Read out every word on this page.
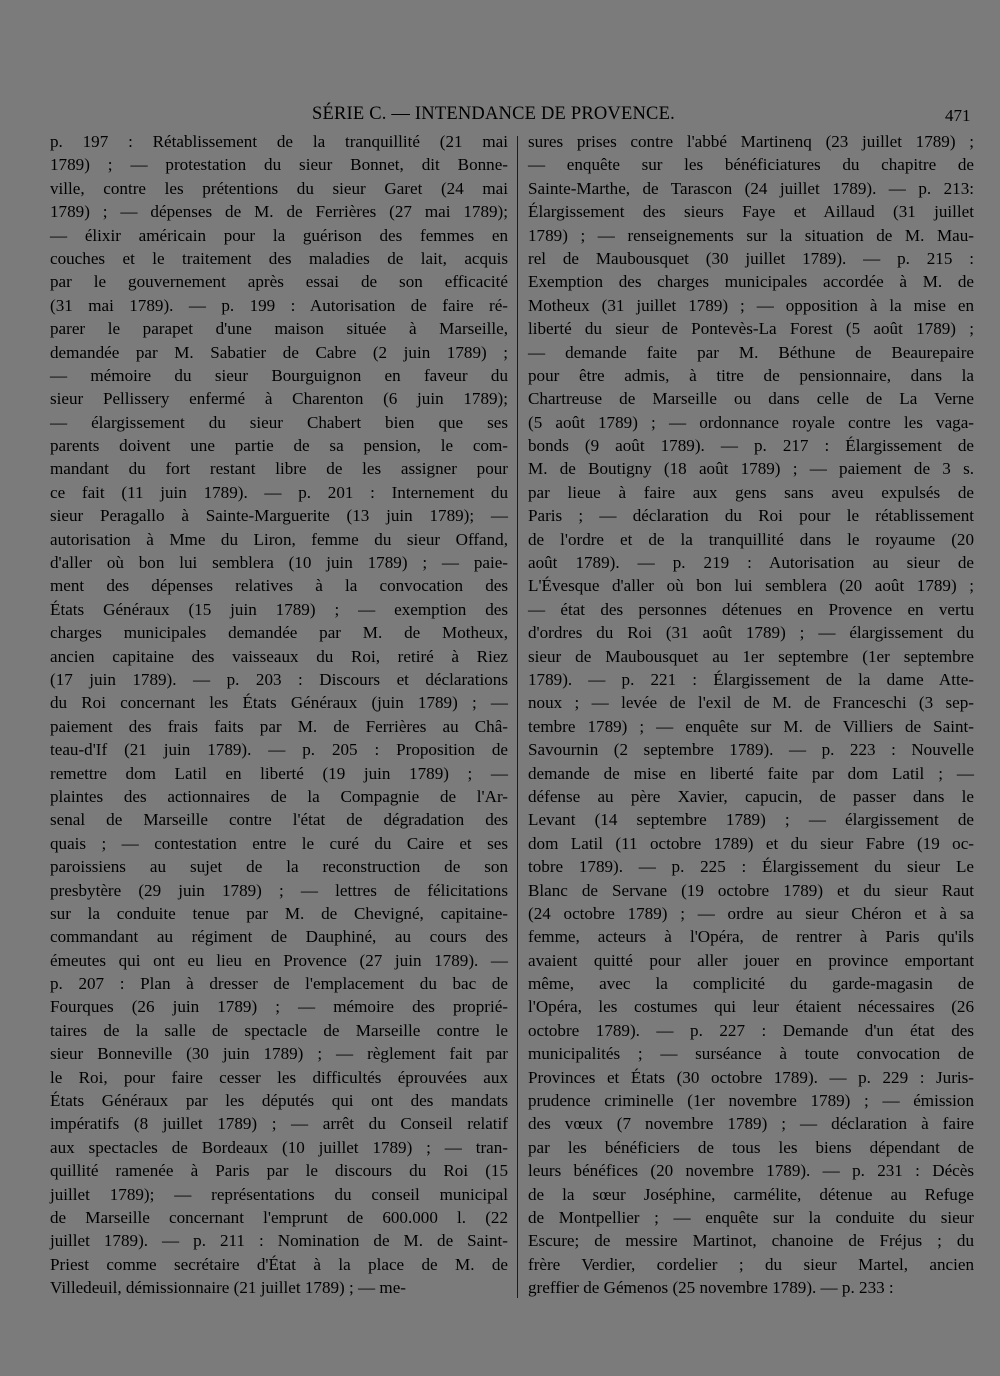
SÉRIE C. — INTENDANCE DE PROVENCE.	471
p. 197 : Rétablissement de la tranquillité (21 mai
1789) ; — protestation du sieur Bonnet, dit Bonne-
ville, contre les prétentions du sieur Garet (24 mai
1789) ; — dépenses de M. de Ferrières (27 mai 1789);
— élixir américain pour la guérison des femmes en
couches et le traitement des maladies de lait, acquis
par le gouvernement après essai de son efficacité
(31 mai 1789). — p. 199 : Autorisation de faire ré-
parer le parapet d'une maison située à Marseille,
demandée par M. Sabatier de Cabre (2 juin 1789) ;
— mémoire du sieur Bourguignon en faveur du
sieur Pellissery enfermé à Charenton (6 juin 1789);
— élargissement du sieur Chabert bien que ses
parents doivent une partie de sa pension, le com-
mandant du fort restant libre de les assigner pour
ce fait (11 juin 1789). — p. 201 : Internement du
sieur Peragallo à Sainte-Marguerite (13 juin 1789); —
autorisation à Mme du Liron, femme du sieur Offand,
d'aller où bon lui semblera (10 juin 1789) ; — paie-
ment des dépenses relatives à la convocation des
États Généraux (15 juin 1789) ; — exemption des
charges municipales demandée par M. de Motheux,
ancien capitaine des vaisseaux du Roi, retiré à Riez
(17 juin 1789). — p. 203 : Discours et déclarations
du Roi concernant les États Généraux (juin 1789) ; —
paiement des frais faits par M. de Ferrières au Châ-
teau-d'If (21 juin 1789). — p. 205 : Proposition de
remettre dom Latil en liberté (19 juin 1789) ; —
plaintes des actionnaires de la Compagnie de l'Ar-
senal de Marseille contre l'état de dégradation des
quais ; — contestation entre le curé du Caire et ses
paroissiens au sujet de la reconstruction de son
presbytère (29 juin 1789) ; — lettres de félicitations
sur la conduite tenue par M. de Chevigné, capitaine-
commandant au régiment de Dauphiné, au cours des
émeutes qui ont eu lieu en Provence (27 juin 1789). —
p. 207 : Plan à dresser de l'emplacement du bac de
Fourques (26 juin 1789) ; — mémoire des proprié-
taires de la salle de spectacle de Marseille contre le
sieur Bonneville (30 juin 1789) ; — règlement fait par
le Roi, pour faire cesser les difficultés éprouvées aux
États Généraux par les députés qui ont des mandats
impératifs (8 juillet 1789) ; — arrêt du Conseil relatif
aux spectacles de Bordeaux (10 juillet 1789) ; — tran-
quillité ramenée à Paris par le discours du Roi (15
juillet 1789); — représentations du conseil municipal
de Marseille concernant l'emprunt de 600.000 l. (22
juillet 1789). — p. 211 : Nomination de M. de Saint-
Priest comme secrétaire d'État à la place de M. de
Villedeuil, démissionnaire (21 juillet 1789) ; — me-
sures prises contre l'abbé Martinenq (23 juillet 1789) ;
— enquête sur les bénéficiatures du chapitre de
Sainte-Marthe, de Tarascon (24 juillet 1789). — p. 213:
Élargissement des sieurs Faye et Aillaud (31 juillet
1789) ; — renseignements sur la situation de M. Mau-
rel de Maubousquet (30 juillet 1789). — p. 215 :
Exemption des charges municipales accordée à M. de
Motheux (31 juillet 1789) ; — opposition à la mise en
liberté du sieur de Pontevès-La Forest (5 août 1789) ;
— demande faite par M. Béthune de Beaurepaire
pour être admis, à titre de pensionnaire, dans la
Chartreuse de Marseille ou dans celle de La Verne
(5 août 1789) ; — ordonnance royale contre les vaga-
bonds (9 août 1789). — p. 217 : Élargissement de
M. de Boutigny (18 août 1789) ; — paiement de 3 s.
par lieue à faire aux gens sans aveu expulsés de
Paris ; — déclaration du Roi pour le rétablissement
de l'ordre et de la tranquillité dans le royaume (20
août 1789). — p. 219 : Autorisation au sieur de
L'Évesque d'aller où bon lui semblera (20 août 1789) ;
— état des personnes détenues en Provence en vertu
d'ordres du Roi (31 août 1789) ; — élargissement du
sieur de Maubousquet au 1er septembre (1er septembre
1789). — p. 221 : Élargissement de la dame Atte-
noux ; — levée de l'exil de M. de Franceschi (3 sep-
tembre 1789) ; — enquête sur M. de Villiers de Saint-
Savournin (2 septembre 1789). — p. 223 : Nouvelle
demande de mise en liberté faite par dom Latil ; —
défense au père Xavier, capucin, de passer dans le
Levant (14 septembre 1789) ; — élargissement de
dom Latil (11 octobre 1789) et du sieur Fabre (19 oc-
tobre 1789). — p. 225 : Élargissement du sieur Le
Blanc de Servane (19 octobre 1789) et du sieur Raut
(24 octobre 1789) ; — ordre au sieur Chéron et à sa
femme, acteurs à l'Opéra, de rentrer à Paris qu'ils
avaient quitté pour aller jouer en province emportant
même, avec la complicité du garde-magasin de
l'Opéra, les costumes qui leur étaient nécessaires (26
octobre 1789). — p. 227 : Demande d'un état des
municipalités ; — surséance à toute convocation de
Provinces et États (30 octobre 1789). — p. 229 : Juris-
prudence criminelle (1er novembre 1789) ; — émission
des vœux (7 novembre 1789) ; — déclaration à faire
par les bénéficiers de tous les biens dépendant de
leurs bénéfices (20 novembre 1789). — p. 231 : Décès
de la sœur Joséphine, carmélite, détenue au Refuge
de Montpellier ; — enquête sur la conduite du sieur
Escure; de messire Martinot, chanoine de Fréjus ; du
frère Verdier, cordelier ; du sieur Martel, ancien
greffier de Gémenos (25 novembre 1789). — p. 233 :
